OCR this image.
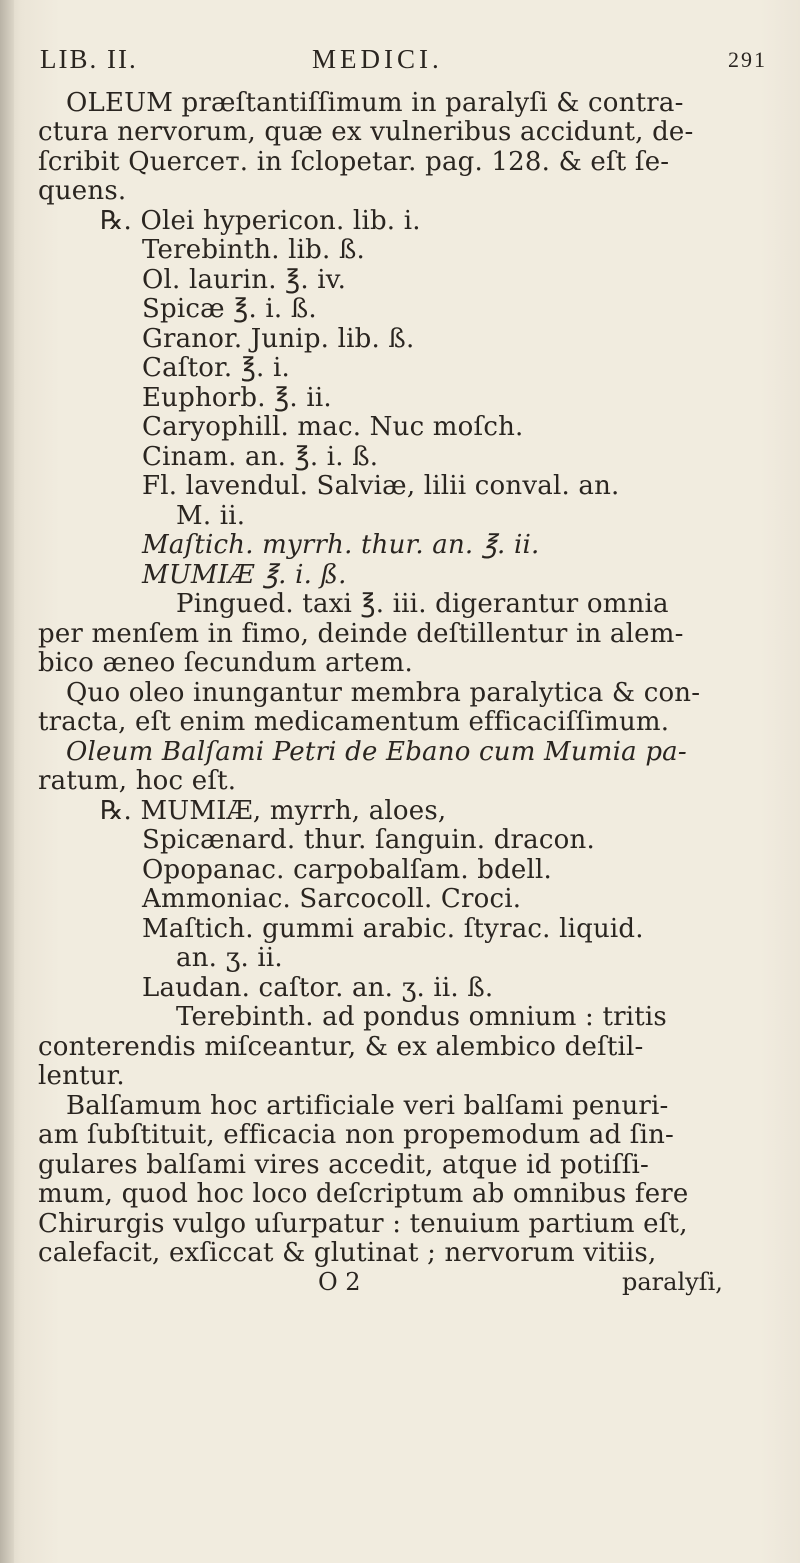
LIB. II.	MEDICI.	291
OLEUM præſtantiſſimum in paralyſi & contra-
ctura nervorum, quæ ex vulneribus accidunt, de-
ſcribit Querceт. in ſclopetar. pag. 128. & eſt ſe-
quens.
℞. Olei hypericon. lib. i.
Terebinth. lib. ß.
Ol. laurin. ℥. iv.
Spicæ ℥. i. ß.
Granor. Junip. lib. ß.
Caſtor. ℥. i.
Euphorb. ℥. ii.
Caryophill. mac. Nuc moſch.
Cinam. an. ℥. i. ß.
Fl. lavendul. Salviæ, lilii conval. an.
M. ii.
Maſtich. myrrh. thur. an. ℥. ii.
MUMIÆ ℥. i. ß.
Pingued. taxi ℥. iii. digerantur omnia
per menſem in fimo, deinde deſtillentur in alem-
bico æneo ſecundum artem.
Quo oleo inungantur membra paralytica & con-
tracta, eſt enim medicamentum efficaciſſimum.
Oleum Balſami Petri de Ebano cum Mumia pa-
ratum, hoc eſt.
℞. MUMIÆ, myrrh, aloes,
Spicænard. thur. ſanguin. dracon.
Opopanac. carpobalſam. bdell.
Ammoniac. Sarcocoll. Croci.
Maſtich. gummi arabic. ſtyrac. liquid.
an. ʒ. ii.
Laudan. caſtor. an. ʒ. ii. ß.
Terebinth. ad pondus omnium : tritis
conterendis miſceantur, & ex alembico deſtil-
lentur.
Balſamum hoc artificiale veri balſami penuri-
am ſubſtituit, efficacia non propemodum ad ſin-
gulares balſami vires accedit, atque id potiſſi-
mum, quod hoc loco deſcriptum ab omnibus fere
Chirurgis vulgo uſurpatur : tenuium partium eſt,
calefacit, exſiccat & glutinat ; nervorum vitiis,
O 2	paralyſi,
